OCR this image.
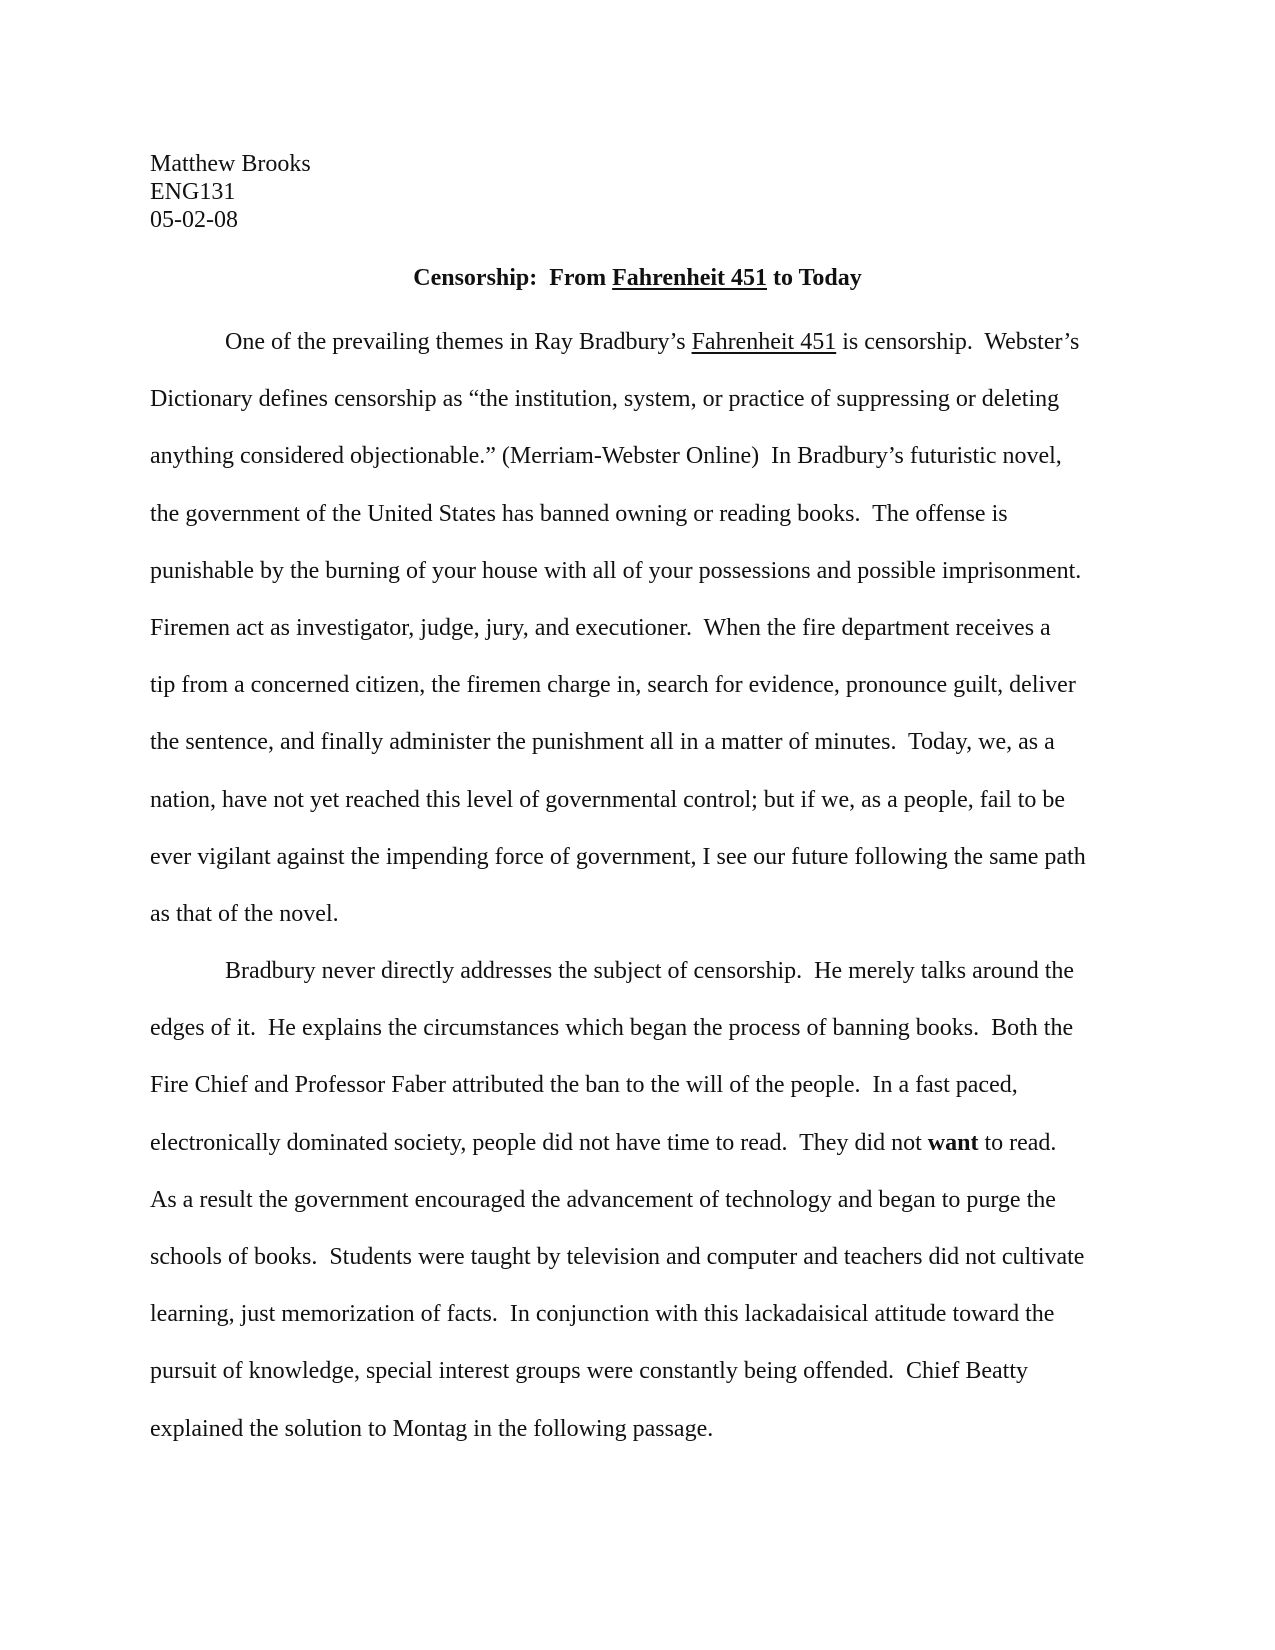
Matthew Brooks
ENG131
05-02-08
Censorship:  From Fahrenheit 451 to Today
One of the prevailing themes in Ray Bradbury’s Fahrenheit 451 is censorship.  Webster’s
Dictionary defines censorship as “the institution, system, or practice of suppressing or deleting
anything considered objectionable.” (Merriam-Webster Online)  In Bradbury’s futuristic novel,
the government of the United States has banned owning or reading books.  The offense is
punishable by the burning of your house with all of your possessions and possible imprisonment.
Firemen act as investigator, judge, jury, and executioner.  When the fire department receives a
tip from a concerned citizen, the firemen charge in, search for evidence, pronounce guilt, deliver
the sentence, and finally administer the punishment all in a matter of minutes.  Today, we, as a
nation, have not yet reached this level of governmental control; but if we, as a people, fail to be
ever vigilant against the impending force of government, I see our future following the same path
as that of the novel.
Bradbury never directly addresses the subject of censorship.  He merely talks around the
edges of it.  He explains the circumstances which began the process of banning books.  Both the
Fire Chief and Professor Faber attributed the ban to the will of the people.  In a fast paced,
electronically dominated society, people did not have time to read.  They did not want to read.
As a result the government encouraged the advancement of technology and began to purge the
schools of books.  Students were taught by television and computer and teachers did not cultivate
learning, just memorization of facts.  In conjunction with this lackadaisical attitude toward the
pursuit of knowledge, special interest groups were constantly being offended.  Chief Beatty
explained the solution to Montag in the following passage.
